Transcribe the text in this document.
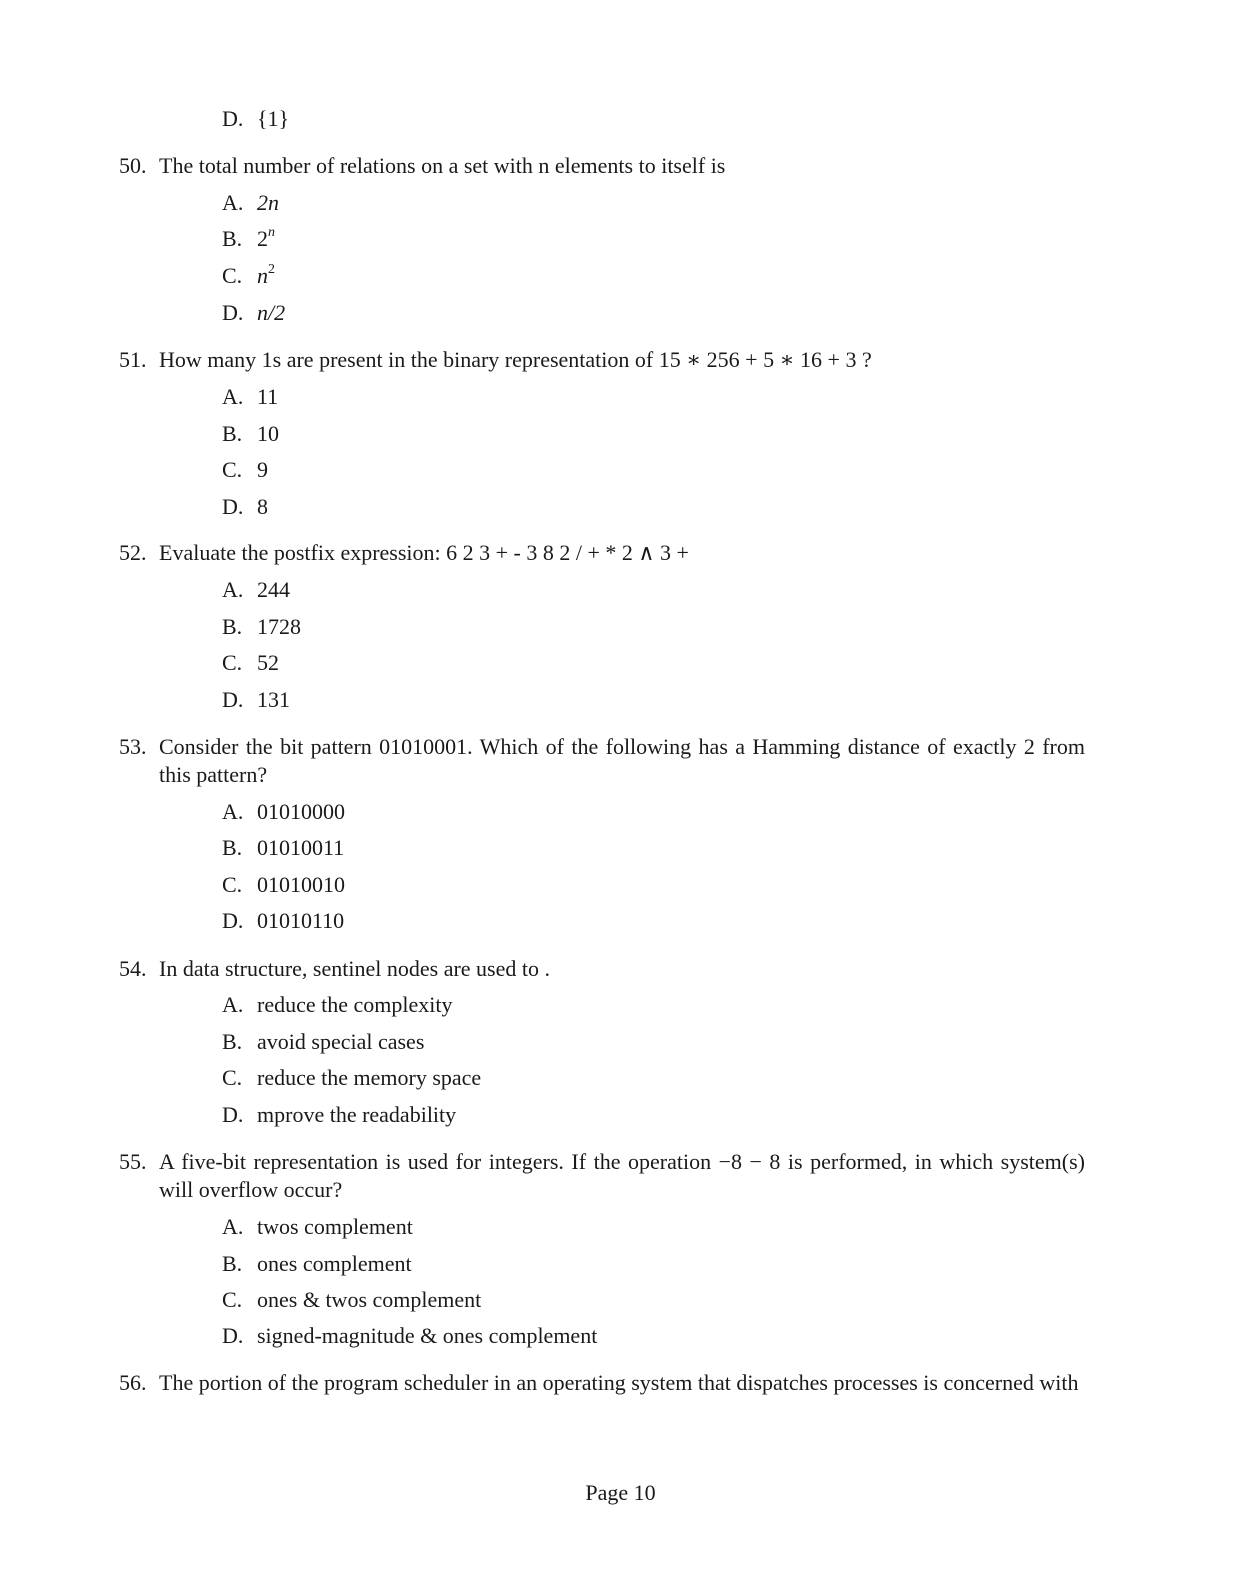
D. {1}
50. The total number of relations on a set with n elements to itself is
A. 2n
B. 2$^n$
C. $n^2$
D. n/2
51. How many 1s are present in the binary representation of 15 ∗ 256 + 5 ∗ 16 + 3 ?
A. 11
B. 10
C. 9
D. 8
52. Evaluate the postfix expression: 6 2 3 + - 3 8 2 / + * 2 ∧ 3 +
A. 244
B. 1728
C. 52
D. 131
53. Consider the bit pattern 01010001. Which of the following has a Hamming distance of exactly 2 from this pattern?
A. 01010000
B. 01010011
C. 01010010
D. 01010110
54. In data structure, sentinel nodes are used to .
A. reduce the complexity
B. avoid special cases
C. reduce the memory space
D. mprove the readability
55. A five-bit representation is used for integers. If the operation −8 − 8 is performed, in which system(s) will overflow occur?
A. twos complement
B. ones complement
C. ones & twos complement
D. signed-magnitude & ones complement
56. The portion of the program scheduler in an operating system that dispatches processes is concerned with
Page 10
